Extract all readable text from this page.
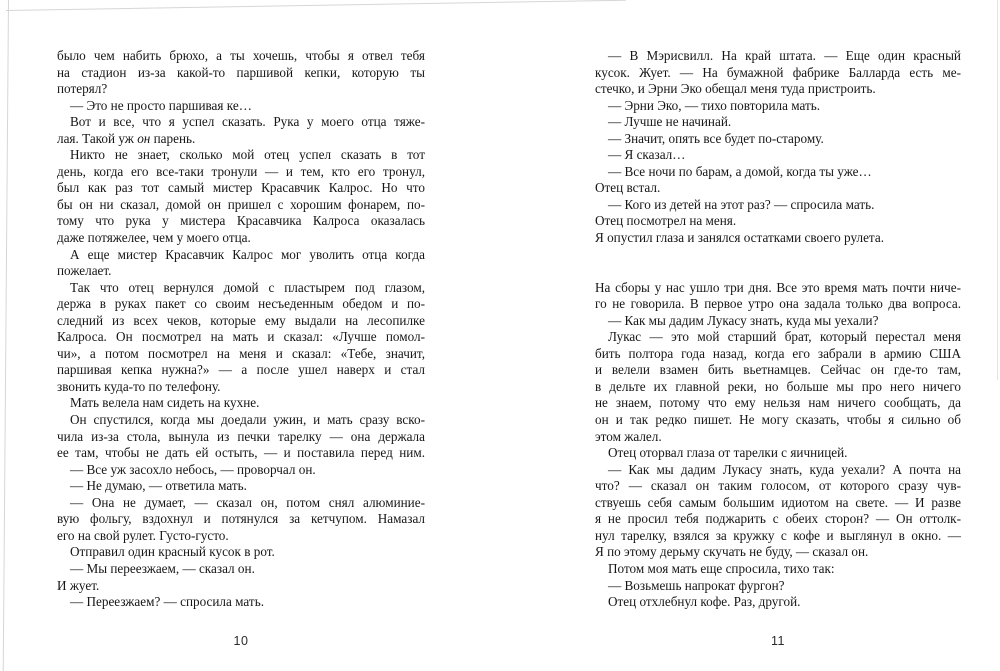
было чем набить брюхо, а ты хочешь, чтобы я отвел тебя
на стадион из-за какой-то паршивой кепки, которую ты
потерял?
— Это не просто паршивая ке…
Вот и все, что я успел сказать. Рука у моего отца тяже-
лая. Такой уж он парень.
Никто не знает, сколько мой отец успел сказать в тот
день, когда его все-таки тронули — и тем, кто его тронул,
был как раз тот самый мистер Красавчик Калрос. Но что
бы он ни сказал, домой он пришел с хорошим фонарем, по-
тому что рука у мистера Красавчика Калроса оказалась
даже потяжелее, чем у моего отца.
А еще мистер Красавчик Калрос мог уволить отца когда
пожелает.
Так что отец вернулся домой с пластырем под глазом,
держа в руках пакет со своим несъеденным обедом и по-
следний из всех чеков, которые ему выдали на лесопилке
Калроса. Он посмотрел на мать и сказал: «Лучше помол-
чи», а потом посмотрел на меня и сказал: «Тебе, значит,
паршивая кепка нужна?» — а после ушел наверх и стал
звонить куда-то по телефону.
Мать велела нам сидеть на кухне.
Он спустился, когда мы доедали ужин, и мать сразу вско-
чила из-за стола, вынула из печки тарелку — она держала
ее там, чтобы не дать ей остыть, — и поставила перед ним.
— Все уж засохло небось, — проворчал он.
— Не думаю, — ответила мать.
— Она не думает, — сказал он, потом снял алюминие-
вую фольгу, вздохнул и потянулся за кетчупом. Намазал
его на свой рулет. Густо-густо.
Отправил один красный кусок в рот.
— Мы переезжаем, — сказал он.
И жует.
— Переезжаем? — спросила мать.
10
— В Мэрисвилл. На край штата. — Еще один красный
кусок. Жует. — На бумажной фабрике Балларда есть ме-
стечко, и Эрни Эко обещал меня туда пристроить.
— Эрни Эко, — тихо повторила мать.
— Лучше не начинай.
— Значит, опять все будет по-старому.
— Я сказал…
— Все ночи по барам, а домой, когда ты уже…
Отец встал.
— Кого из детей на этот раз? — спросила мать.
Отец посмотрел на меня.
Я опустил глаза и занялся остатками своего рулета.
На сборы у нас ушло три дня. Все это время мать почти ниче-
го не говорила. В первое утро она задала только два вопроса.
— Как мы дадим Лукасу знать, куда мы уехали?
Лукас — это мой старший брат, который перестал меня
бить полтора года назад, когда его забрали в армию США
и велели взамен бить вьетнамцев. Сейчас он где-то там,
в дельте их главной реки, но больше мы про него ничего
не знаем, потому что ему нельзя нам ничего сообщать, да
он и так редко пишет. Не могу сказать, чтобы я сильно об
этом жалел.
Отец оторвал глаза от тарелки с яичницей.
— Как мы дадим Лукасу знать, куда уехали? А почта на
что? — сказал он таким голосом, от которого сразу чув-
ствуешь себя самым большим идиотом на свете. — И разве
я не просил тебя поджарить с обеих сторон? — Он оттолк-
нул тарелку, взялся за кружку с кофе и выглянул в окно. —
Я по этому дерьму скучать не буду, — сказал он.
Потом моя мать еще спросила, тихо так:
— Возьмешь напрокат фургон?
Отец отхлебнул кофе. Раз, другой.
11
